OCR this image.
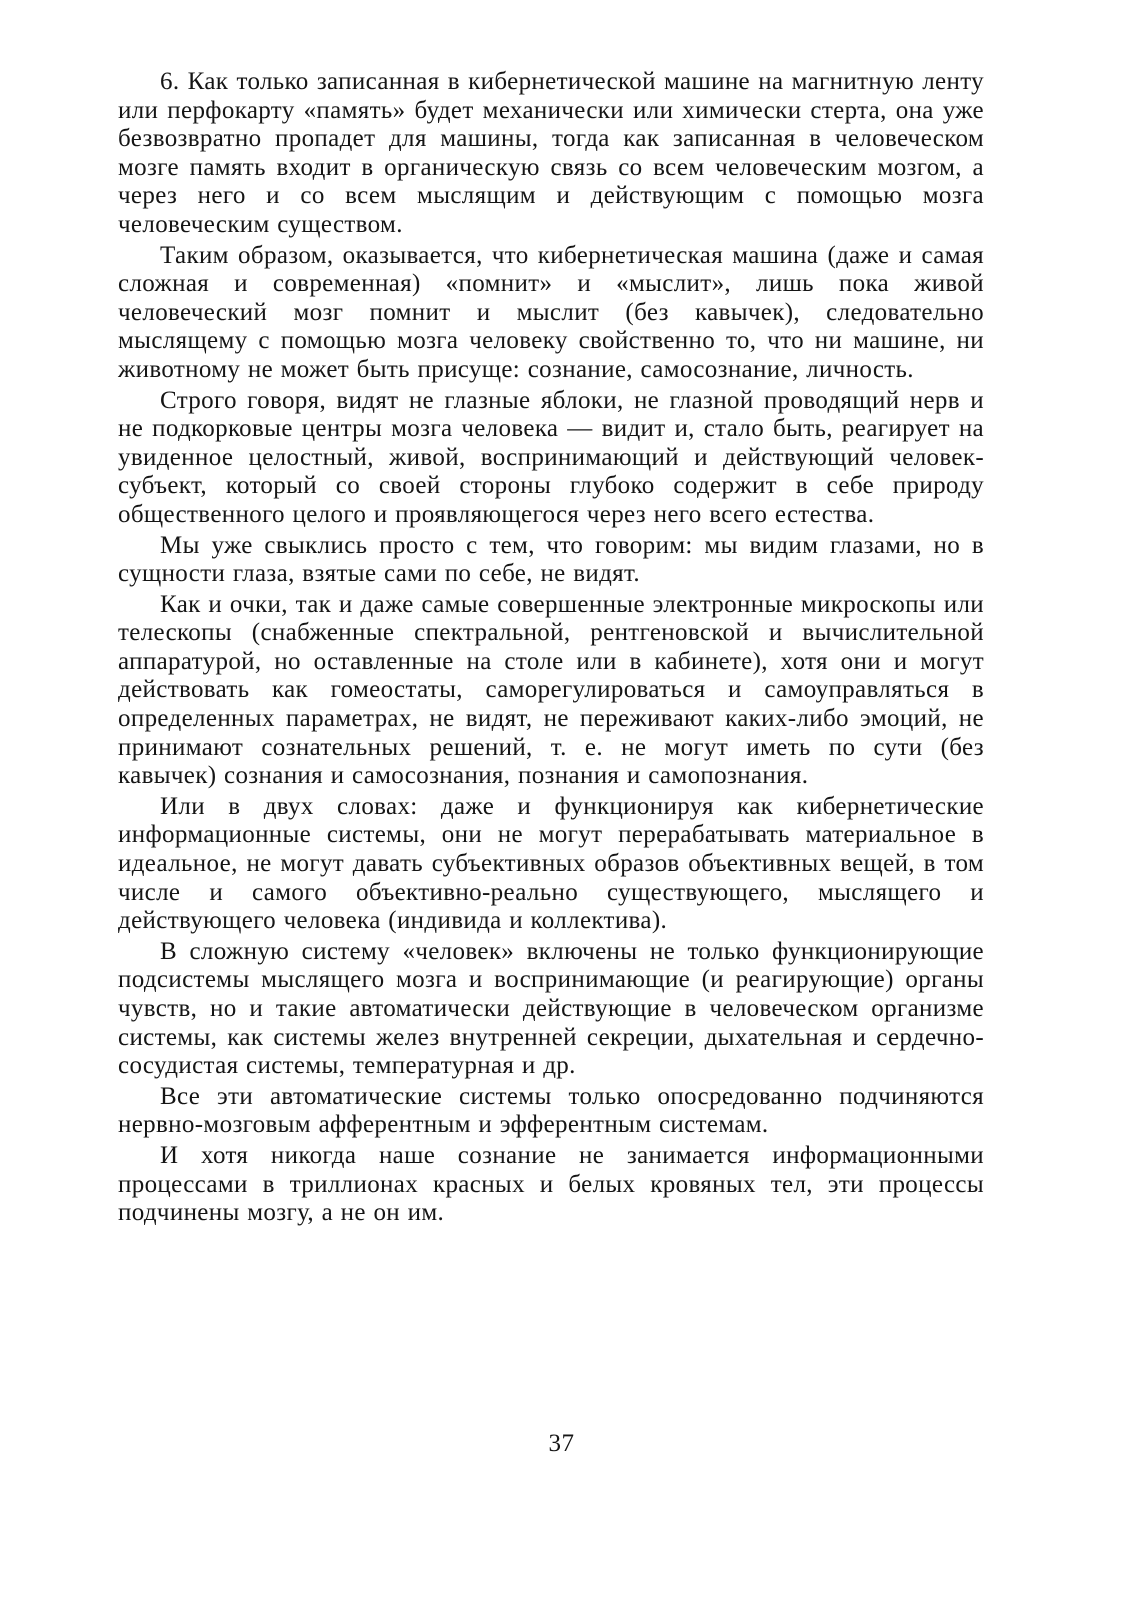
6. Как только записанная в кибернетической машине на магнитную ленту или перфокарту «память» будет механически или химически стерта, она уже безвозвратно пропадет для машины, тогда как записанная в человеческом мозге память входит в органическую связь со всем человеческим мозгом, а через него и со всем мыслящим и действующим с помощью мозга человеческим существом.

Таким образом, оказывается, что кибернетическая машина (даже и самая сложная и современная) «помнит» и «мыслит», лишь пока живой человеческий мозг помнит и мыслит (без кавычек), следовательно мыслящему с помощью мозга человеку свойственно то, что ни машине, ни животному не может быть присуще: сознание, самосознание, личность.

Строго говоря, видят не глазные яблоки, не глазной проводящий нерв и не подкорковые центры мозга человека — видит и, стало быть, реагирует на увиденное целостный, живой, воспринимающий и действующий человек-субъект, который со своей стороны глубоко содержит в себе природу общественного целого и проявляющегося через него всего естества.

Мы уже свыклись просто с тем, что говорим: мы видим глазами, но в сущности глаза, взятые сами по себе, не видят.

Как и очки, так и даже самые совершенные электронные микроскопы или телескопы (снабженные спектральной, рентгеновской и вычислительной аппаратурой, но оставленные на столе или в кабинете), хотя они и могут действовать как гомеостаты, саморегулироваться и самоуправляться в определенных параметрах, не видят, не переживают каких-либо эмоций, не принимают сознательных решений, т. е. не могут иметь по сути (без кавычек) сознания и самосознания, познания и самопознания.

Или в двух словах: даже и функционируя как кибернетические информационные системы, они не могут перерабатывать материальное в идеальное, не могут давать субъективных образов объективных вещей, в том числе и самого объективно-реально существующего, мыслящего и действующего человека (индивида и коллектива).

В сложную систему «человек» включены не только функционирующие подсистемы мыслящего мозга и воспринимающие (и реагирующие) органы чувств, но и такие автоматически действующие в человеческом организме системы, как системы желез внутренней секреции, дыхательная и сердечно-сосудистая системы, температурная и др.

Все эти автоматические системы только опосредованно подчиняются нервно-мозговым афферентным и эфферентным системам.

И хотя никогда наше сознание не занимается информационными процессами в триллионах красных и белых кровяных тел, эти процессы подчинены мозгу, а не он им.

37
